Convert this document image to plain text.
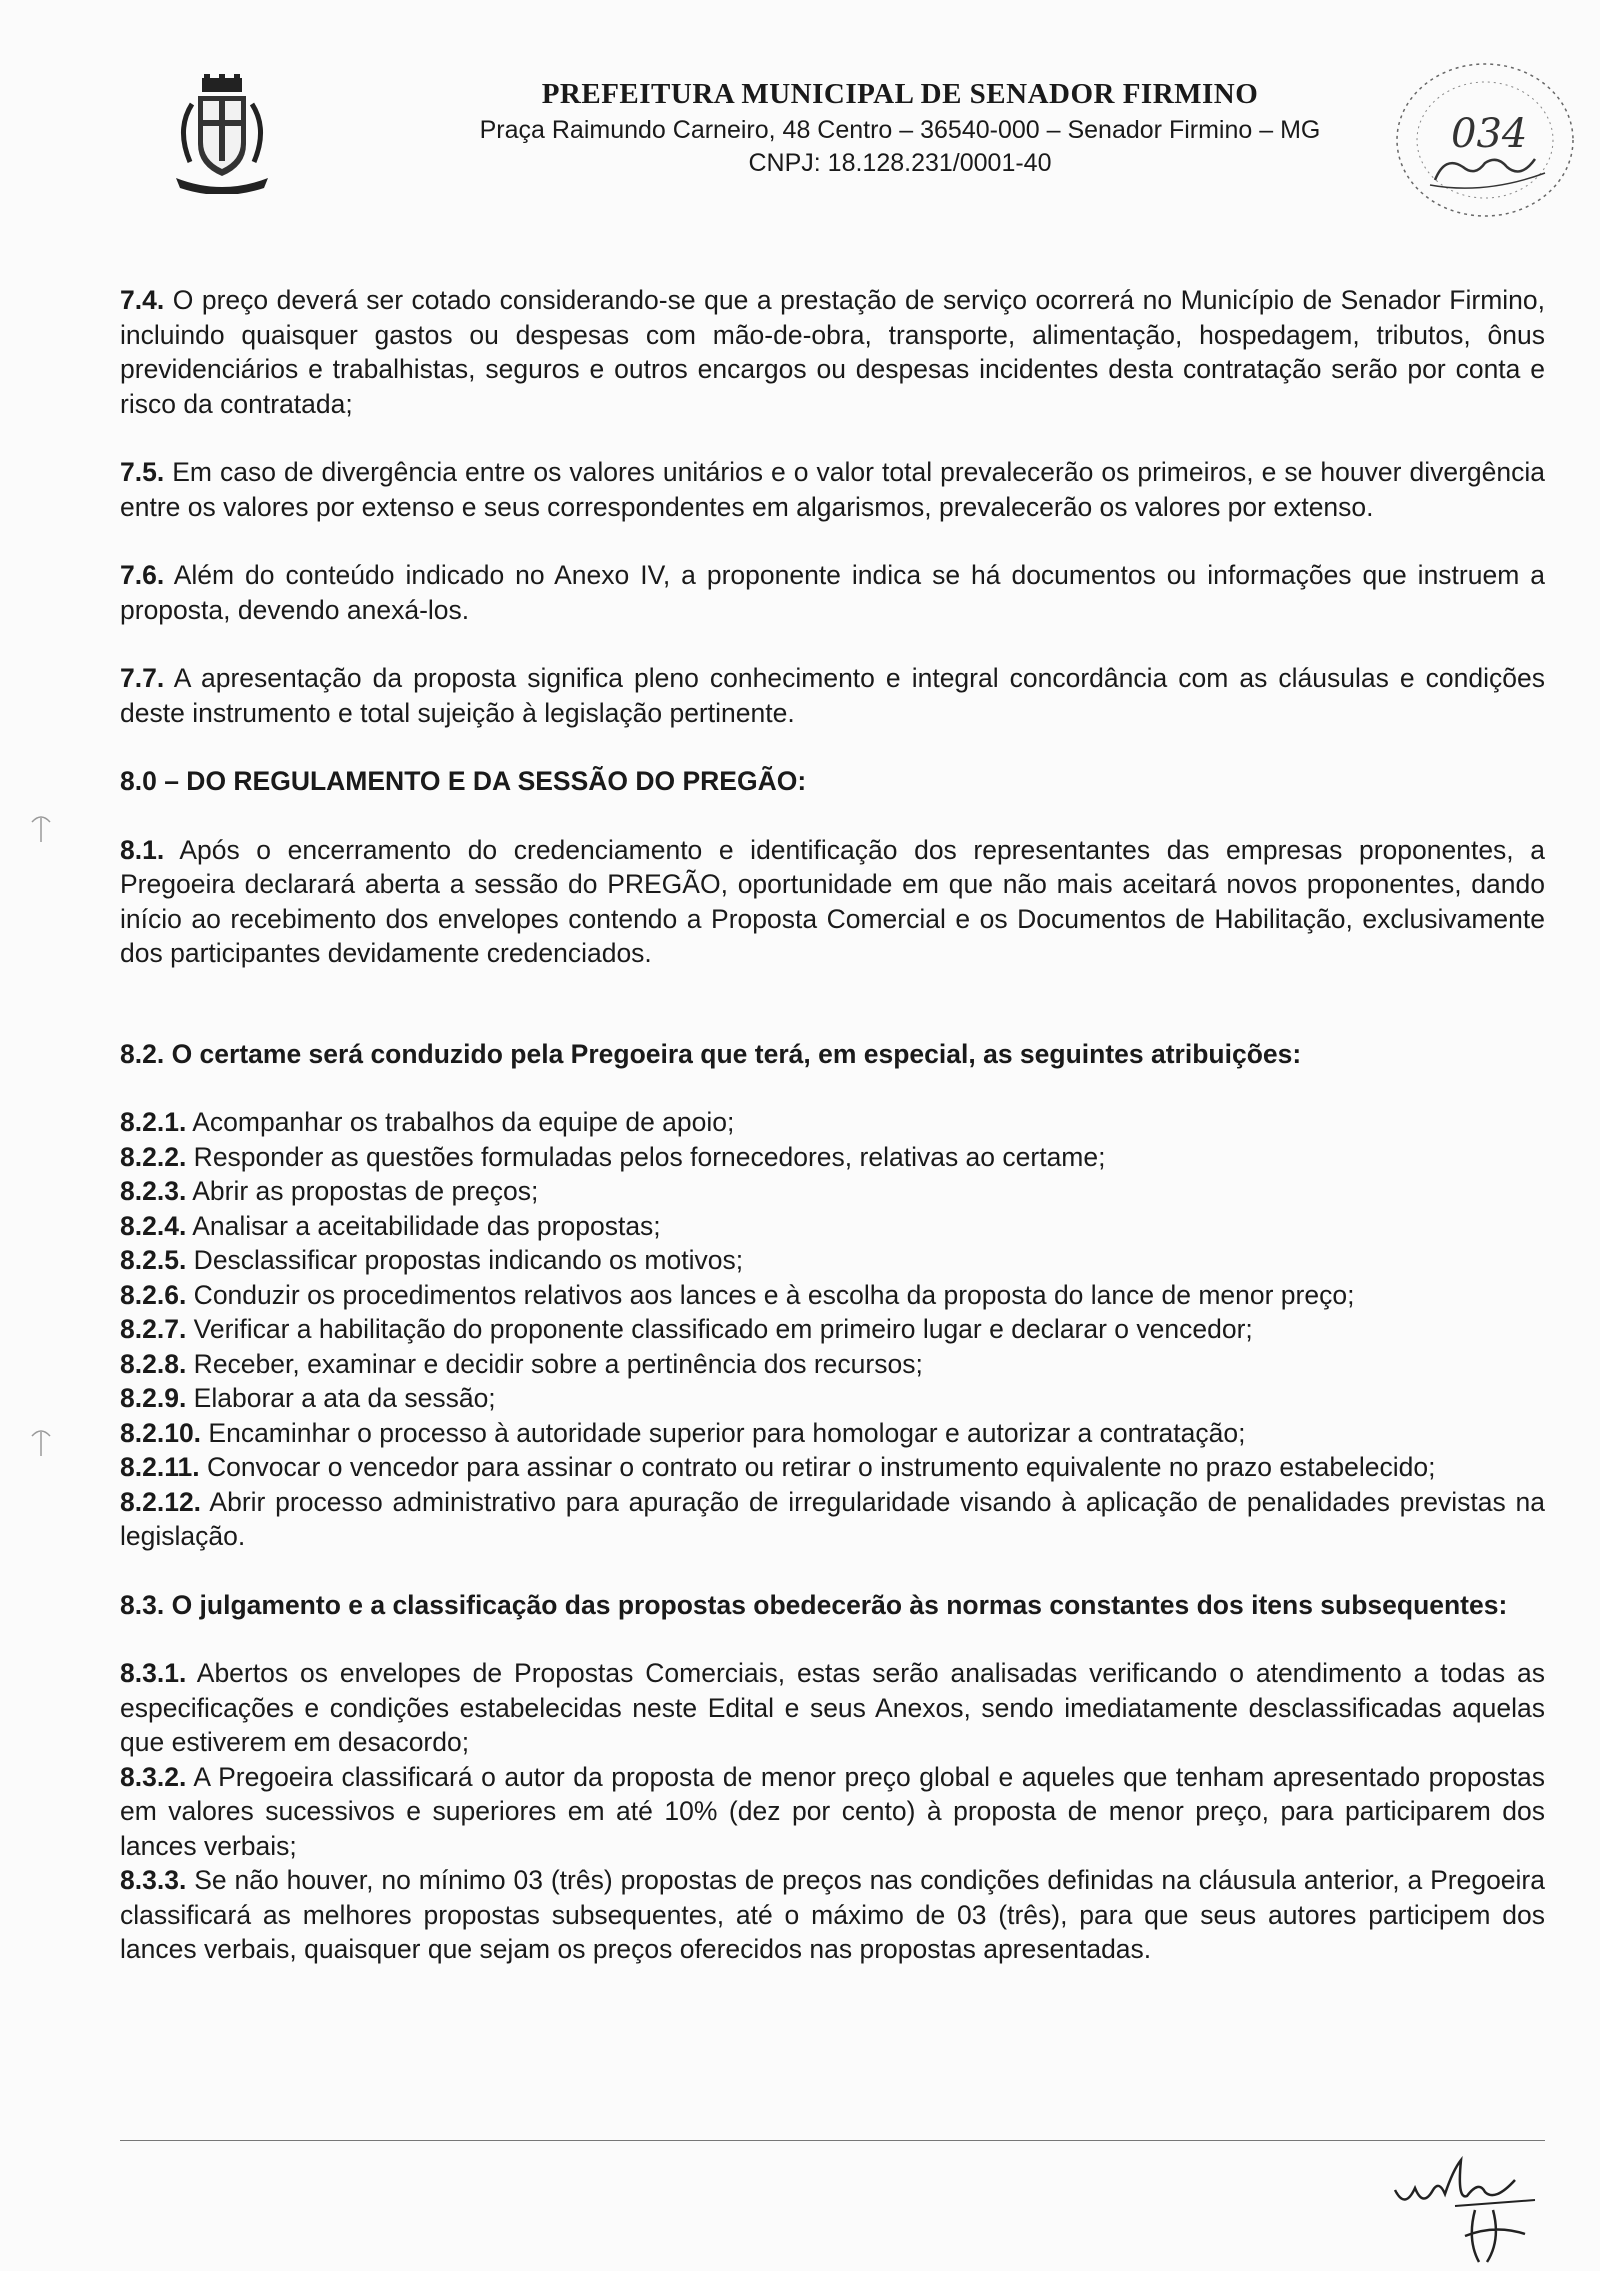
PREFEITURA MUNICIPAL DE SENADOR FIRMINO
Praça Raimundo Carneiro, 48 Centro – 36540-000 – Senador Firmino – MG
CNPJ: 18.128.231/0001-40
034

7.4. O preço deverá ser cotado considerando-se que a prestação de serviço ocorrerá no Município de Senador Firmino, incluindo quaisquer gastos ou despesas com mão-de-obra, transporte, alimentação, hospedagem, tributos, ônus previdenciários e trabalhistas, seguros e outros encargos ou despesas incidentes desta contratação serão por conta e risco da contratada;

7.5. Em caso de divergência entre os valores unitários e o valor total prevalecerão os primeiros, e se houver divergência entre os valores por extenso e seus correspondentes em algarismos, prevalecerão os valores por extenso.

7.6. Além do conteúdo indicado no Anexo IV, a proponente indica se há documentos ou informações que instruem a proposta, devendo anexá-los.

7.7. A apresentação da proposta significa pleno conhecimento e integral concordância com as cláusulas e condições deste instrumento e total sujeição à legislação pertinente.

8.0 – DO REGULAMENTO E DA SESSÃO DO PREGÃO:

8.1. Após o encerramento do credenciamento e identificação dos representantes das empresas proponentes, a Pregoeira declarará aberta a sessão do PREGÃO, oportunidade em que não mais aceitará novos proponentes, dando início ao recebimento dos envelopes contendo a Proposta Comercial e os Documentos de Habilitação, exclusivamente dos participantes devidamente credenciados.

8.2. O certame será conduzido pela Pregoeira que terá, em especial, as seguintes atribuições:

8.2.1. Acompanhar os trabalhos da equipe de apoio;

8.2.2. Responder as questões formuladas pelos fornecedores, relativas ao certame;

8.2.3. Abrir as propostas de preços;

8.2.4. Analisar a aceitabilidade das propostas;

8.2.5. Desclassificar propostas indicando os motivos;

8.2.6. Conduzir os procedimentos relativos aos lances e à escolha da proposta do lance de menor preço;

8.2.7. Verificar a habilitação do proponente classificado em primeiro lugar e declarar o vencedor;

8.2.8. Receber, examinar e decidir sobre a pertinência dos recursos;

8.2.9. Elaborar a ata da sessão;

8.2.10. Encaminhar o processo à autoridade superior para homologar e autorizar a contratação;

8.2.11. Convocar o vencedor para assinar o contrato ou retirar o instrumento equivalente no prazo estabelecido;

8.2.12. Abrir processo administrativo para apuração de irregularidade visando à aplicação de penalidades previstas na legislação.

8.3. O julgamento e a classificação das propostas obedecerão às normas constantes dos itens subsequentes:

8.3.1. Abertos os envelopes de Propostas Comerciais, estas serão analisadas verificando o atendimento a todas as especificações e condições estabelecidas neste Edital e seus Anexos, sendo imediatamente desclassificadas aquelas que estiverem em desacordo;

8.3.2. A Pregoeira classificará o autor da proposta de menor preço global e aqueles que tenham apresentado propostas em valores sucessivos e superiores em até 10% (dez por cento) à proposta de menor preço, para participarem dos lances verbais;

8.3.3. Se não houver, no mínimo 03 (três) propostas de preços nas condições definidas na cláusula anterior, a Pregoeira classificará as melhores propostas subsequentes, até o máximo de 03 (três), para que seus autores participem dos lances verbais, quaisquer que sejam os preços oferecidos nas propostas apresentadas.
